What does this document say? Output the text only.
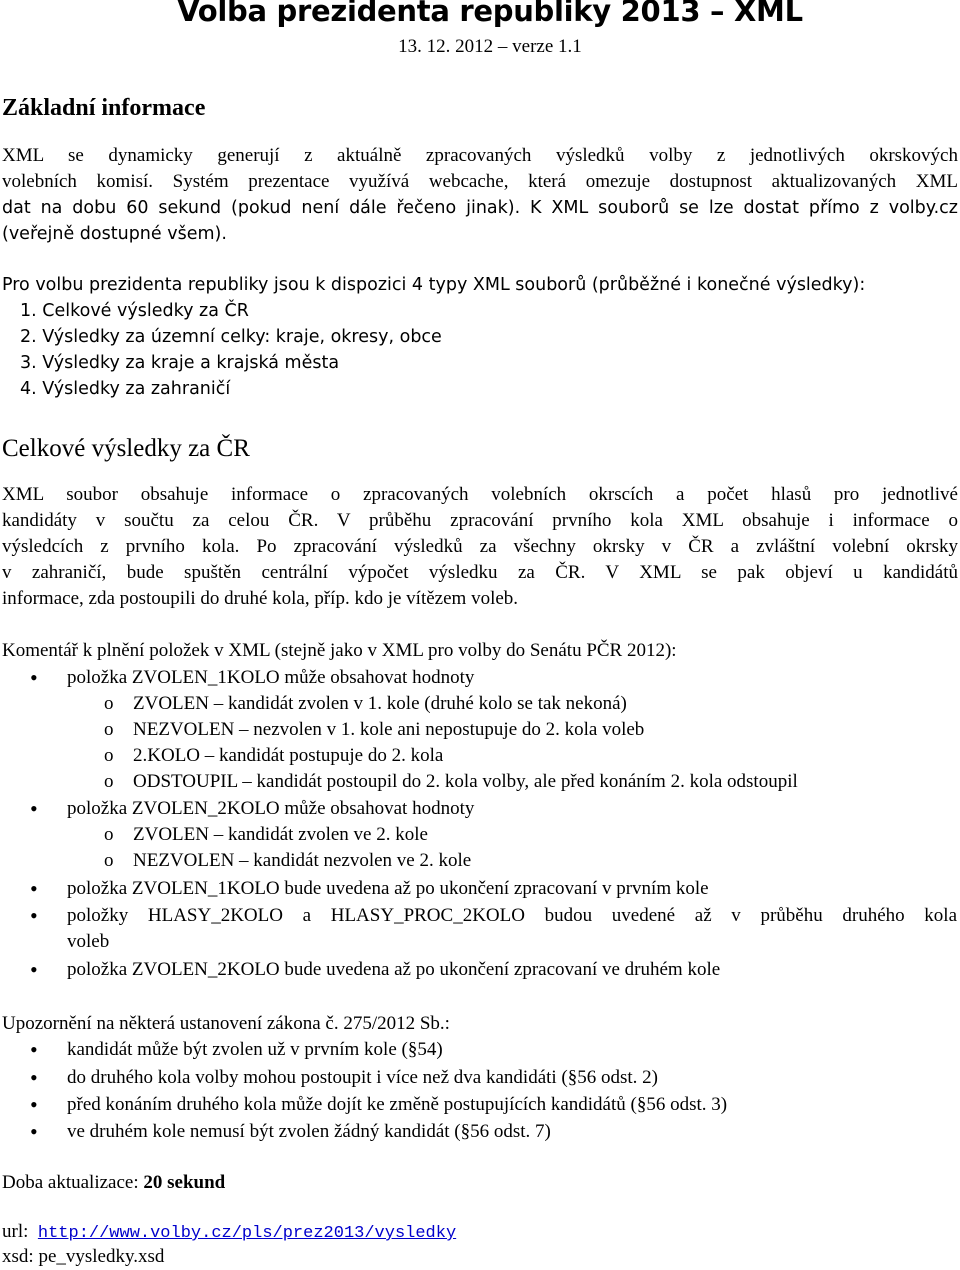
Volba prezidenta republiky 2013 – XML
13. 12. 2012 – verze 1.1
Základní informace
XML se dynamicky generují z aktuálně zpracovaných výsledků volby z jednotlivých okrskových
volebních komisí. Systém prezentace využívá webcache, která omezuje dostupnost aktualizovaných XML
dat na dobu 60 sekund (pokud není dále řečeno jinak). K XML souborů se lze dostat přímo z volby.cz
(veřejně dostupné všem).
Pro volbu prezidenta republiky jsou k dispozici 4 typy XML souborů (průběžné i konečné výsledky):
1. Celkové výsledky za ČR
2. Výsledky za územní celky: kraje, okresy, obce
3. Výsledky za kraje a krajská města
4. Výsledky za zahraničí
Celkové výsledky za ČR
XML soubor obsahuje informace o zpracovaných volebních okrscích a počet hlasů pro jednotlivé
kandidáty v součtu za celou ČR. V průběhu zpracování prvního kola XML obsahuje i informace o
výsledcích z prvního kola. Po zpracování výsledků za všechny okrsky v ČR a zvláštní volební okrsky
v zahraničí, bude spuštěn centrální výpočet výsledku za ČR. V XML se pak objeví u kandidátů
informace, zda postoupili do druhé kola, příp. kdo je vítězem voleb.
Komentář k plnění položek v XML (stejně jako v XML pro volby do Senátu PČR 2012):
• položka ZVOLEN_1KOLO může obsahovat hodnoty
o ZVOLEN – kandidát zvolen v 1. kole (druhé kolo se tak nekoná)
o NEZVOLEN – nezvolen v 1. kole ani nepostupuje do 2. kola voleb
o 2.KOLO – kandidát postupuje do 2. kola
o ODSTOUPIL – kandidát postoupil do 2. kola volby, ale před konáním 2. kola odstoupil
• položka ZVOLEN_2KOLO může obsahovat hodnoty
o ZVOLEN – kandidát zvolen ve 2. kole
o NEZVOLEN – kandidát nezvolen ve 2. kole
• položka ZVOLEN_1KOLO bude uvedena až po ukončení zpracovaní v prvním kole
• položky HLASY_2KOLO a HLASY_PROC_2KOLO budou uvedené až v průběhu druhého kola
voleb
• položka ZVOLEN_2KOLO bude uvedena až po ukončení zpracovaní ve druhém kole
Upozornění na některá ustanovení zákona č. 275/2012 Sb.:
• kandidát může být zvolen už v prvním kole (§54)
• do druhého kola volby mohou postoupit i více než dva kandidáti (§56 odst. 2)
• před konáním druhého kola může dojít ke změně postupujících kandidátů (§56 odst. 3)
• ve druhém kole nemusí být zvolen žádný kandidát (§56 odst. 7)
Doba aktualizace: 20 sekund
url: http://www.volby.cz/pls/prez2013/vysledky
xsd: pe_vysledky.xsd
